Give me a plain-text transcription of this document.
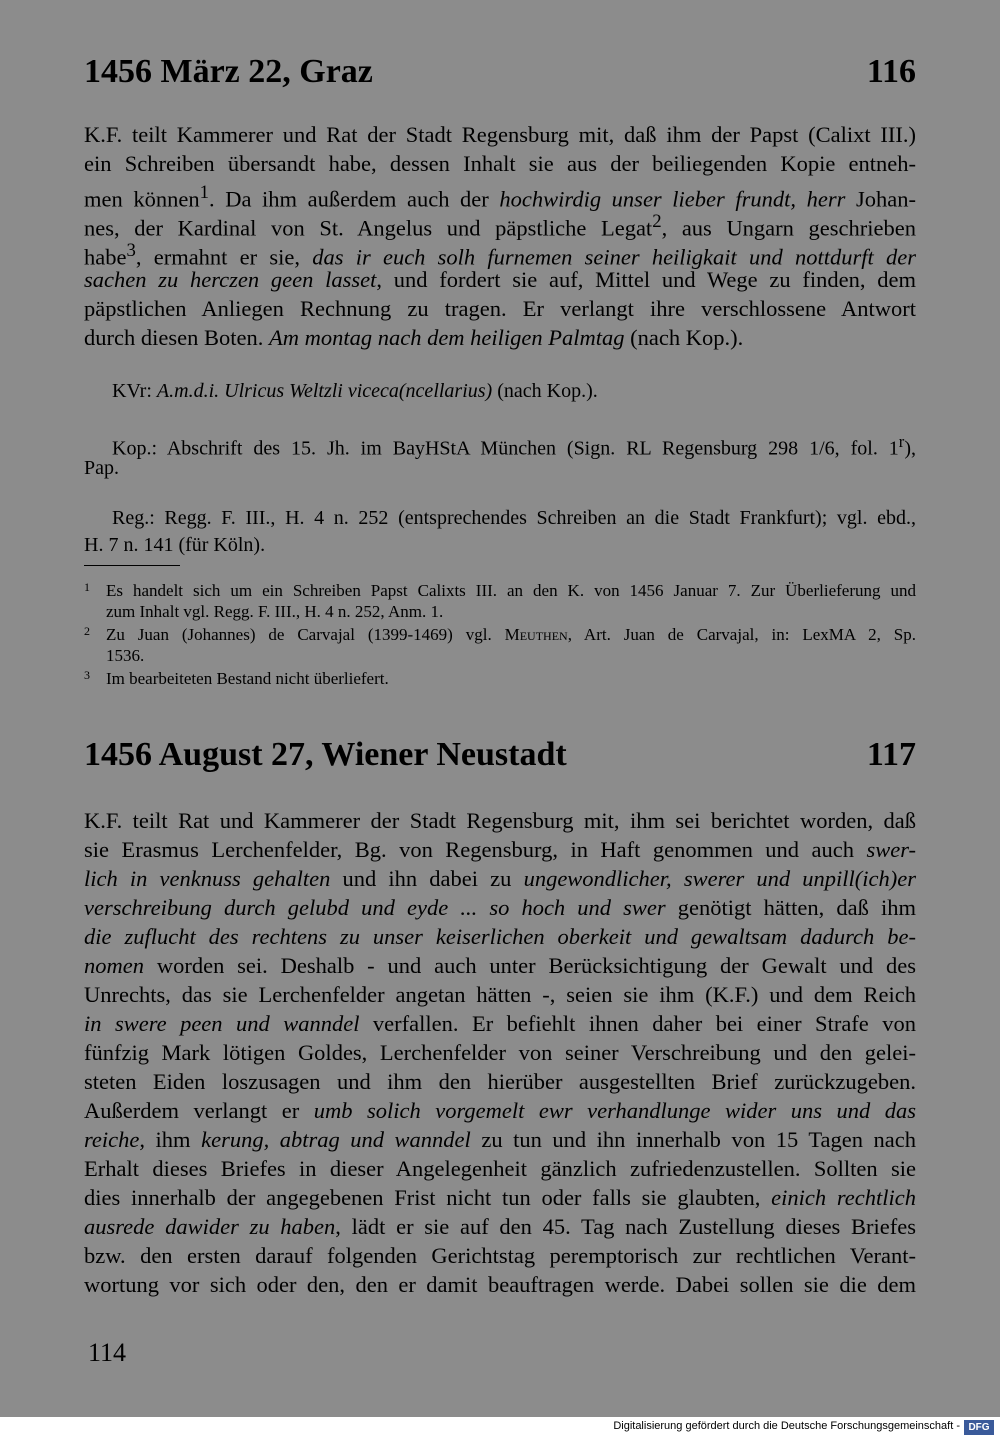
1456 März 22, Graz	116
K.F. teilt Kammerer und Rat der Stadt Regensburg mit, daß ihm der Papst (Calixt III.)
ein Schreiben übersandt habe, dessen Inhalt sie aus der beiliegenden Kopie entneh-
men können$^1$. Da ihm außerdem auch der hochwirdig unser lieber frundt, herr Johan-
nes, der Kardinal von St. Angelus und päpstliche Legat$^2$, aus Ungarn geschrieben
habe$^3$, ermahnt er sie, das ir euch solh furnemen seiner heiligkait und nottdurft der
sachen zu herczen geen lasset, und fordert sie auf, Mittel und Wege zu finden, dem
päpstlichen Anliegen Rechnung zu tragen. Er verlangt ihre verschlossene Antwort
durch diesen Boten. Am montag nach dem heiligen Palmtag (nach Kop.).
KVr: A.m.d.i. Ulricus Weltzli viceca(ncellarius) (nach Kop.).
Kop.: Abschrift des 15. Jh. im BayHStA München (Sign. RL Regensburg 298 1/6, fol. 1$^r$),
Pap.
Reg.: Regg. F. III., H. 4 n. 252 (entsprechendes Schreiben an die Stadt Frankfurt); vgl. ebd.,
H. 7 n. 141 (für Köln).
1 Es handelt sich um ein Schreiben Papst Calixts III. an den K. von 1456 Januar 7. Zur Überlieferung und
zum Inhalt vgl. Regg. F. III., H. 4 n. 252, Anm. 1.
2 Zu Juan (Johannes) de Carvajal (1399-1469) vgl. Meuthen, Art. Juan de Carvajal, in: LexMA 2, Sp.
1536.
3 Im bearbeiteten Bestand nicht überliefert.
1456 August 27, Wiener Neustadt	117
K.F. teilt Rat und Kammerer der Stadt Regensburg mit, ihm sei berichtet worden, daß
sie Erasmus Lerchenfelder, Bg. von Regensburg, in Haft genommen und auch swer-
lich in venknuss gehalten und ihn dabei zu ungewondlicher, swerer und unpill(ich)er
verschreibung durch gelubd und eyde ... so hoch und swer genötigt hätten, daß ihm
die zuflucht des rechtens zu unser keiserlichen oberkeit und gewaltsam dadurch be-
nomen worden sei. Deshalb - und auch unter Berücksichtigung der Gewalt und des
Unrechts, das sie Lerchenfelder angetan hätten -, seien sie ihm (K.F.) und dem Reich
in swere peen und wanndel verfallen. Er befiehlt ihnen daher bei einer Strafe von
fünfzig Mark lötigen Goldes, Lerchenfelder von seiner Verschreibung und den gelei-
steten Eiden loszusagen und ihm den hierüber ausgestellten Brief zurückzugeben.
Außerdem verlangt er umb solich vorgemelt ewr verhandlunge wider uns und das
reiche, ihm kerung, abtrag und wanndel zu tun und ihn innerhalb von 15 Tagen nach
Erhalt dieses Briefes in dieser Angelegenheit gänzlich zufriedenzustellen. Sollten sie
dies innerhalb der angegebenen Frist nicht tun oder falls sie glaubten, einich rechtlich
ausrede dawider zu haben, lädt er sie auf den 45. Tag nach Zustellung dieses Briefes
bzw. den ersten darauf folgenden Gerichtstag peremptorisch zur rechtlichen Verant-
wortung vor sich oder den, den er damit beauftragen werde. Dabei sollen sie die dem
114
Digitalisierung gefördert durch die Deutsche Forschungsgemeinschaft - DFG
